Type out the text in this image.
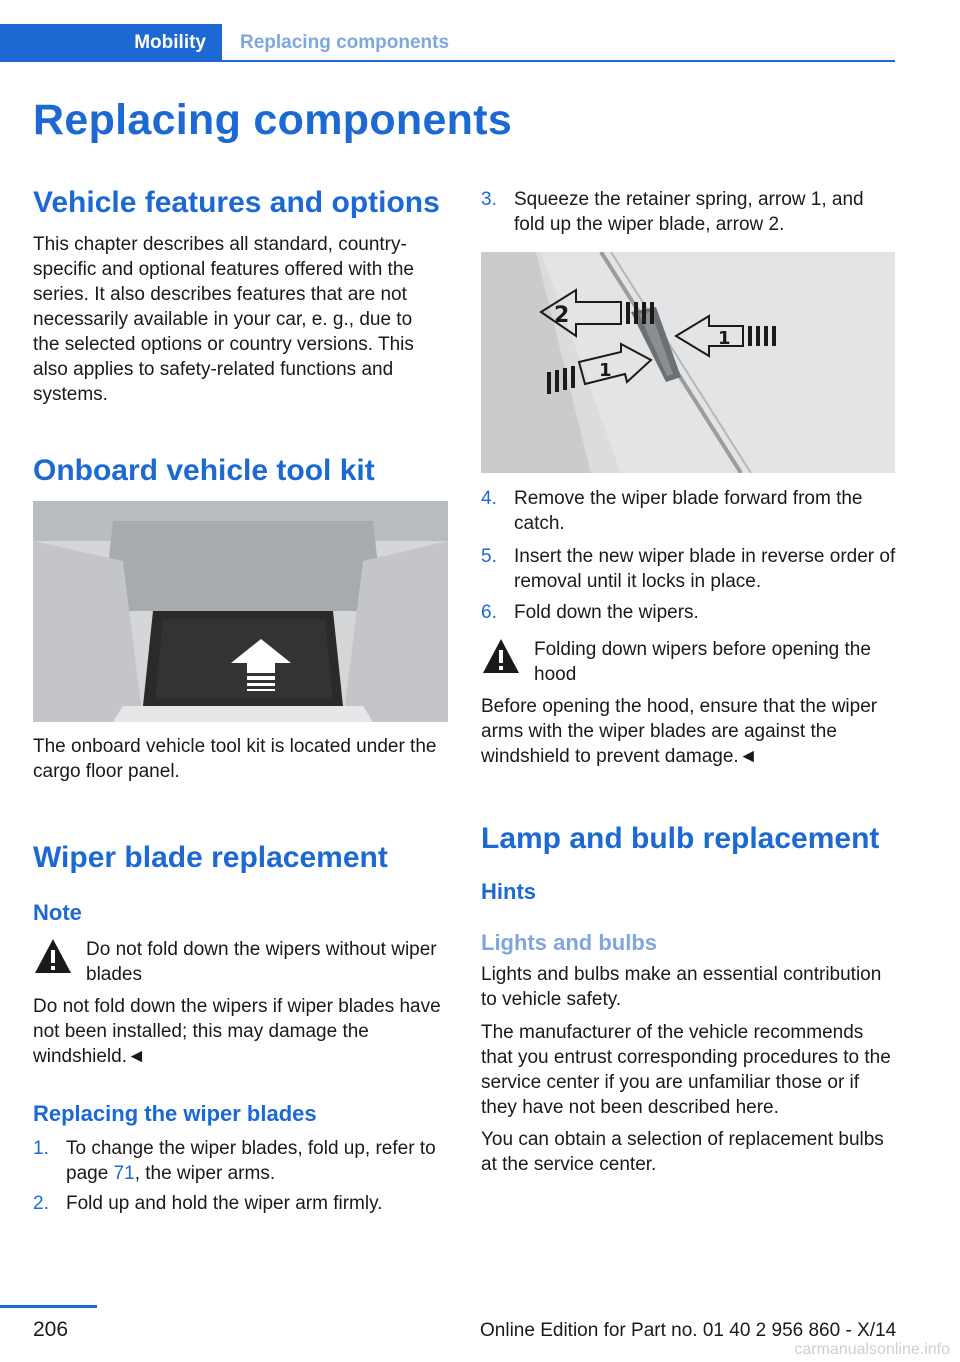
Mobility	Replacing components
Replacing components
Vehicle features and options

This chapter describes all standard, country-specific and optional features offered with the series. It also describes features that are not necessarily available in your car, e. g., due to the selected options or country versions. This also applies to safety-related functions and systems.

Onboard vehicle tool kit

The onboard vehicle tool kit is located under the cargo floor panel.

Wiper blade replacement
Note
Do not fold down the wipers without wiper blades

Do not fold down the wipers if wiper blades have not been installed; this may damage the windshield.◄

Replacing the wiper blades
1. To change the wiper blades, fold up, refer to page 71, the wiper arms.
2. Fold up and hold the wiper arm firmly.
3. Squeeze the retainer spring, arrow 1, and fold up the wiper blade, arrow 2.
2
1
1
4. Remove the wiper blade forward from the catch.
5. Insert the new wiper blade in reverse order of removal until it locks in place.
6. Fold down the wipers.
Folding down wipers before opening the hood

Before opening the hood, ensure that the wiper arms with the wiper blades are against the windshield to prevent damage.◄

Lamp and bulb replacement
Hints
Lights and bulbs

Lights and bulbs make an essential contribution to vehicle safety.

The manufacturer of the vehicle recommends that you entrust corresponding procedures to the service center if you are unfamiliar those or if they have not been described here.

You can obtain a selection of replacement bulbs at the service center.

206	Online Edition for Part no. 01 40 2 956 860 - X/14
carmanualsonline.info
